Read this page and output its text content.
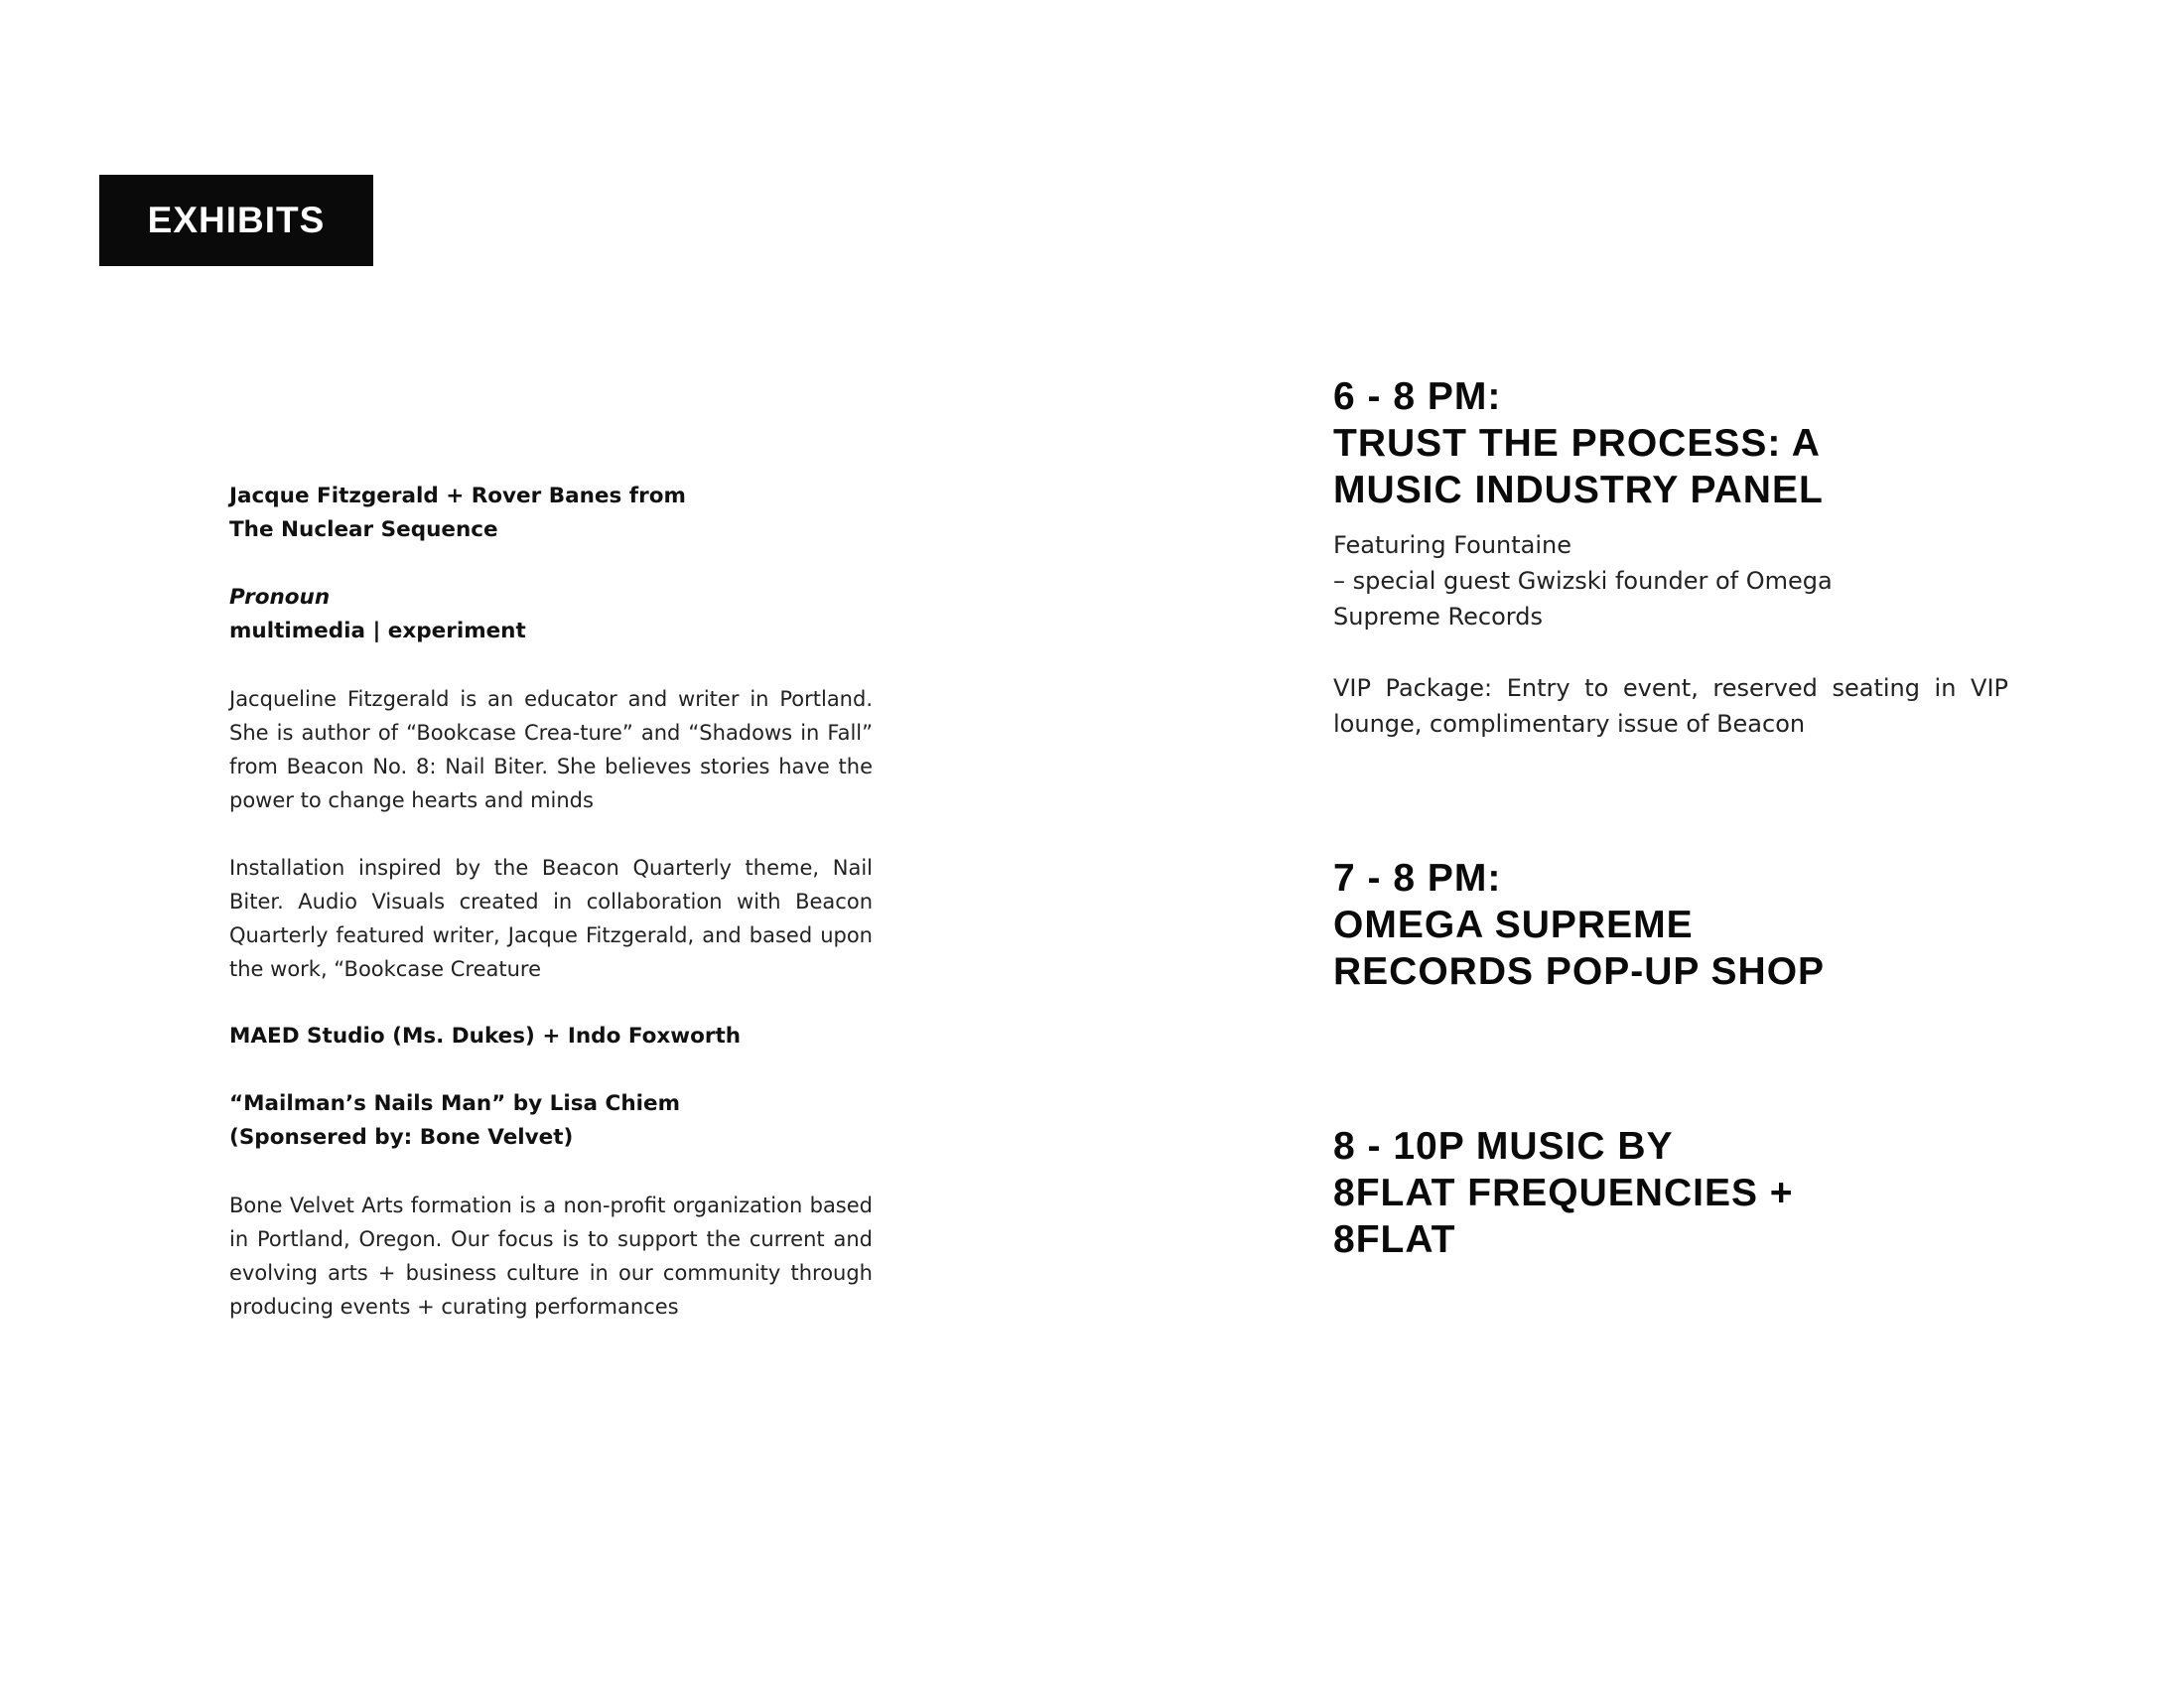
EXHIBITS

Jacque Fitzgerald + Rover Banes from

The Nuclear Sequence

Pronoun

multimedia | experiment

Jacqueline Fitzgerald is an educator and writer in Portland. She is author of “Bookcase Crea-ture” and “Shadows in Fall” from Beacon No. 8: Nail Biter. She believes stories have the power to change hearts and minds

Installation inspired by the Beacon Quarterly theme, Nail Biter. Audio Visuals created in collaboration with Beacon Quarterly featured writer, Jacque Fitzgerald, and based upon the work, “Bookcase Creature

MAED Studio (Ms. Dukes) + Indo Foxworth

“Mailman’s Nails Man” by Lisa Chiem

(Sponsered by: Bone Velvet)

Bone Velvet Arts formation is a non-profit organization based in Portland, Oregon. Our focus is to support the current and evolving arts + business culture in our community through producing events + curating performances

6 - 8 PM:

TRUST THE PROCESS: A

MUSIC INDUSTRY PANEL

Featuring Fountaine

– special guest Gwizski founder of Omega

Supreme Records

VIP Package: Entry to event, reserved seating in VIP lounge, complimentary issue of Beacon

7 - 8 PM:

OMEGA SUPREME

RECORDS POP-UP SHOP

8 - 10P MUSIC BY

8FLAT FREQUENCIES +

8FLAT
